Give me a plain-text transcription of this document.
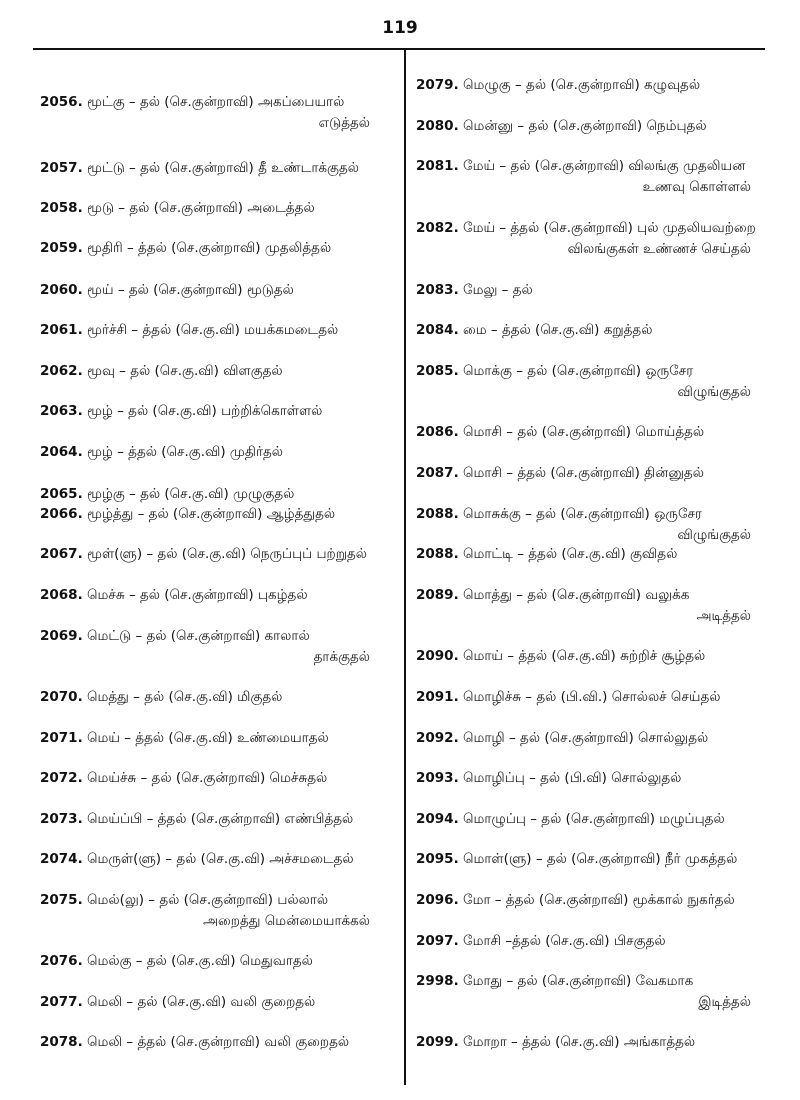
119
2056. மூட்கு – தல் (செ.குன்றாவி) அகப்பையால்
எடுத்தல்
2057. மூட்டு – தல் (செ.குன்றாவி) தீ உண்டாக்குதல்
2058. மூடு – தல் (செ.குன்றாவி) அடைத்தல்
2059. மூதிரி – த்தல் (செ.குன்றாவி) முதலித்தல்
2060. மூய் – தல் (செ.குன்றாவி) மூடுதல்
2061. மூர்ச்சி – த்தல் (செ.கு.வி) மயக்கமடைதல்
2062. மூவு – தல் (செ.கு.வி) விளகுதல்
2063. மூழ் – தல் (செ.கு.வி) பற்றிக்கொள்ளல்
2064. மூழ் – த்தல் (செ.கு.வி) முதிர்தல்
2065. மூழ்கு – தல் (செ.கு.வி) முழுகுதல்
2066. மூழ்த்து – தல் (செ.குன்றாவி) ஆழ்த்துதல்
2067. மூள்(ளு) – தல் (செ.கு.வி) நெருப்புப் பற்றுதல்
2068. மெச்சு – தல் (செ.குன்றாவி) புகழ்தல்
2069. மெட்டு – தல் (செ.குன்றாவி) காலால்
தாக்குதல்
2070. மெத்து – தல் (செ.கு.வி) மிகுதல்
2071. மெய் – த்தல் (செ.கு.வி) உண்மையாதல்
2072. மெய்ச்சு – தல் (செ.குன்றாவி) மெச்சுதல்
2073. மெய்ப்பி – த்தல் (செ.குன்றாவி) எண்பித்தல்
2074. மெருள்(ளு) – தல் (செ.கு.வி) அச்சமடைதல்
2075. மெல்(லு) – தல் (செ.குன்றாவி) பல்லால்
அறைத்து மென்மையாக்கல்
2076. மெல்கு – தல் (செ.கு.வி) மெதுவாதல்
2077. மெலி – தல் (செ.கு.வி) வலி குறைதல்
2078. மெலி – த்தல் (செ.குன்றாவி) வலி குறைதல்
2079. மெழுகு – தல் (செ.குன்றாவி) கழுவுதல்
2080. மென்னு – தல் (செ.குன்றாவி) நெம்புதல்
2081. மேய் – தல் (செ.குன்றாவி) விலங்கு முதலியன
உணவு கொள்ளல்
2082. மேய் – த்தல் (செ.குன்றாவி) புல் முதலியவற்றை
விலங்குகள் உண்ணச் செய்தல்
2083. மேலு – தல்
2084. மை – த்தல் (செ.கு.வி) கறுத்தல்
2085. மொக்கு – தல் (செ.குன்றாவி) ஒருசேர
விழுங்குதல்
2086. மொசி – தல் (செ.குன்றாவி) மொய்த்தல்
2087. மொசி – த்தல் (செ.குன்றாவி) தின்னுதல்
2088. மொசுக்கு – தல் (செ.குன்றாவி) ஒருசேர
விழுங்குதல்
2088. மொட்டி – த்தல் (செ.கு.வி) குவிதல்
2089. மொத்து – தல் (செ.குன்றாவி) வலுக்க
அடித்தல்
2090. மொய் – த்தல் (செ.கு.வி) சுற்றிச் சூழ்தல்
2091. மொழிச்சு – தல் (பி.வி.) சொல்லச் செய்தல்
2092. மொழி – தல் (செ.குன்றாவி) சொல்லுதல்
2093. மொழிப்பு – தல் (பி.வி) சொல்லுதல்
2094. மொழுப்பு – தல் (செ.குன்றாவி) மழுப்புதல்
2095. மொள்(ளு) – தல் (செ.குன்றாவி) நீர் முகத்தல்
2096. மோ – த்தல் (செ.குன்றாவி) மூக்கால் நுகர்தல்
2097. மோசி –த்தல் (செ.கு.வி) பிசகுதல்
2998. மோது – தல் (செ.குன்றாவி) வேகமாக
இடித்தல்
2099. மோறா – த்தல் (செ.கு.வி) அங்காத்தல்
